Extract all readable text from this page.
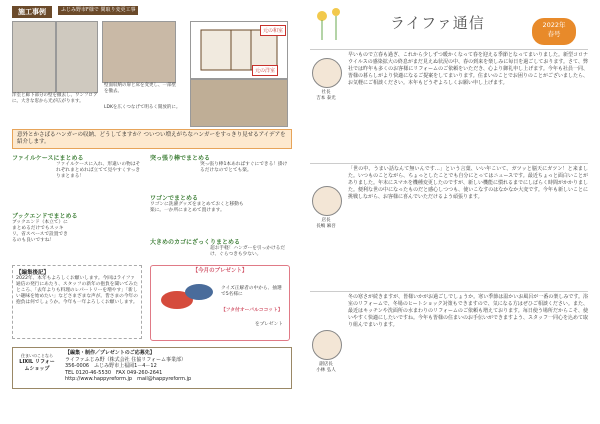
施工事例	ふじみ野市F様で 間取り変更工事
元の和室
元の洋室
洋室と廊下部分の壁を撤去し、ワンフロアに。大きな窓から光が広がります。
壁面収納の扉と床を変更し、一部壁を撤去。
LDKを広くつなげて明るく開放的に。
意外とかさばるハンガーの収納、どうしてますか？ついつい増えがちなハンガーをすっきり見せるアイデアを紹介します。
ファイルケースにまとめる
ファイルケースに入れ、形違いの物はそれぞれまとめれば立てて見やすくすっきりまとまる！
突っ張り棒でまとめる
突っ張り棒1本あればすぐにできる！掛けるだけなのでとても楽。
ワゴンでまとめる
ワゴンに洗濯グッズをまとめておくと移動も楽に。一か所にまとめて置けます。
ブックエンドでまとめる
ブックエンド（本立て）にまとめるだけでもスッキリ。省スペースで設置できるのも良いですね！	大きめのカゴにざっくりまとめる
超お手軽！ハンガーを引っかけるだけ、ぐらつきも少ない。
【編集後記】
2022年、本年もよろしくお願いします。今回はライファ通信の発行にあたり、スタッフの新年の抱負を聞いてみたところ、「去年よりも料理のレパートリーを増やす」「新しい趣味を始めたい」などさまざまな声が。皆さまの今年の抱負は何でしょうか。今年も一年よろしくお願いします。
【今月のプレゼント】
クイズ正解者の中から、抽選で5名様に
【フタ付オーバルココット】
をプレゼント
住まいのことなら
LIXIL リフォームショップ
【編集・制作／プレゼントのご応募先】
ライファふじみ野（株式会社 住協リフォーム事業部）
356-0006　ふじみ野市上福岡1－4－12
TEL 0120-46-5530　FAX 049-260-2641
http://www.happyreform.jp　mail@happyreform.jp
ライファ通信	2022年
春号
社長
吉本 泰光
早いもので立春も過ぎ、これから少しずつ暖かくなって春を迎える季節となってまいりました。新型コロナウイルスの感染拡大の終息がまだ見えぬ状況の中、春の到来を楽しみに毎日を過ごしております。さて、弊社では昨年も多くのお客様にリフォームのご依頼をいただき、心より御礼申し上げます。今年も社員一同、皆様の暮らしがより快適になるご提案をしてまいります。住まいのことでお困りのことがございましたら、お気軽にご相談ください。本年もどうぞよろしくお願い申し上げます。
店長
長嶋 麻吾
「世の中、うまい話なんて無いんです…」という言葉、いい年こいて、ガツッと脳天にガツン！と来ました。いつものことながら、ちょっとしたことでも自分にとってはニュースです。最近ちょっと面白いことがありました。年末にスマホを機種変更したのですが、新しい機能に慣れるまでにしばらく時間がかかりました。便利な世の中になったものだと感心しつつも、使いこなすのはなかなか大変です。今年も新しいことに挑戦しながら、お客様に喜んでいただけるよう頑張ります。
副店長
小林 弘人
冬の寒さが続きますが、皆様いかがお過ごしでしょうか。寒い季節は温かいお風呂が一番の楽しみです。浴室のリフォームで、冬場のヒートショック対策もできますので、気になる方はぜひご相談ください。また、最近はキッチンや洗面所の水まわりのリフォームのご依頼も増えております。毎日使う場所だからこそ、使いやすく快適にしたいですね。今年も皆様の住まいのお手伝いができますよう、スタッフ一同心を込めて取り組んでまいります。
